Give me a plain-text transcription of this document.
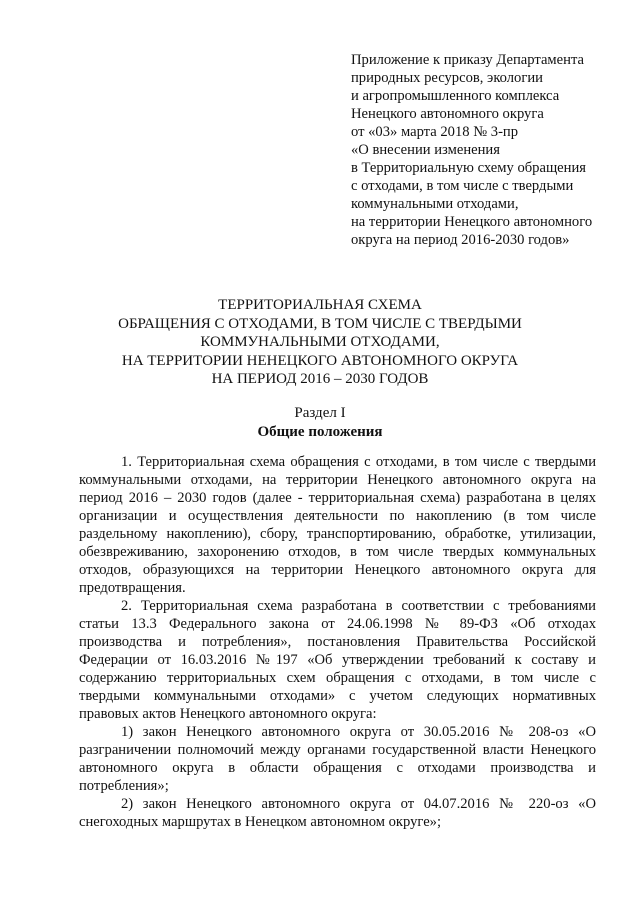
Приложение к приказу Департамента
природных ресурсов, экологии
и агропромышленного комплекса
Ненецкого автономного округа
от «03» марта 2018 № 3-пр
«О внесении изменения
в Территориальную схему обращения
с отходами, в том числе с твердыми
коммунальными отходами,
на территории Ненецкого автономного
округа на период 2016-2030 годов»
ТЕРРИТОРИАЛЬНАЯ СХЕМА
ОБРАЩЕНИЯ С ОТХОДАМИ, В ТОМ ЧИСЛЕ С ТВЕРДЫМИ
КОММУНАЛЬНЫМИ ОТХОДАМИ,
НА ТЕРРИТОРИИ НЕНЕЦКОГО АВТОНОМНОГО ОКРУГА
НА ПЕРИОД 2016 – 2030 ГОДОВ
Раздел I
Общие положения

1. Территориальная схема обращения с отходами, в том числе с твердыми коммунальными отходами, на территории Ненецкого автономного округа на период 2016 – 2030 годов (далее - территориальная схема) разработана в целях организации и осуществления деятельности по накоплению (в том числе раздельному накоплению), сбору, транспортированию, обработке, утилизации, обезвреживанию, захоронению отходов, в том числе твердых коммунальных отходов, образующихся на территории Ненецкого автономного округа для предотвращения.

2. Территориальная схема разработана в соответствии с требованиями статьи 13.3 Федерального закона от 24.06.1998 № 89-ФЗ «Об отходах производства и потребления», постановления Правительства Российской Федерации от 16.03.2016 №197 «Об утверждении требований к составу и содержанию территориальных схем обращения с отходами, в том числе с твердыми коммунальными отходами» с учетом следующих нормативных правовых актов Ненецкого автономного округа:

1) закон Ненецкого автономного округа от 30.05.2016 № 208-оз «О разграничении полномочий между органами государственной власти Ненецкого автономного округа в области обращения с отходами производства и потребления»;

2) закон Ненецкого автономного округа от 04.07.2016 № 220-оз «О снегоходных маршрутах в Ненецком автономном округе»;
